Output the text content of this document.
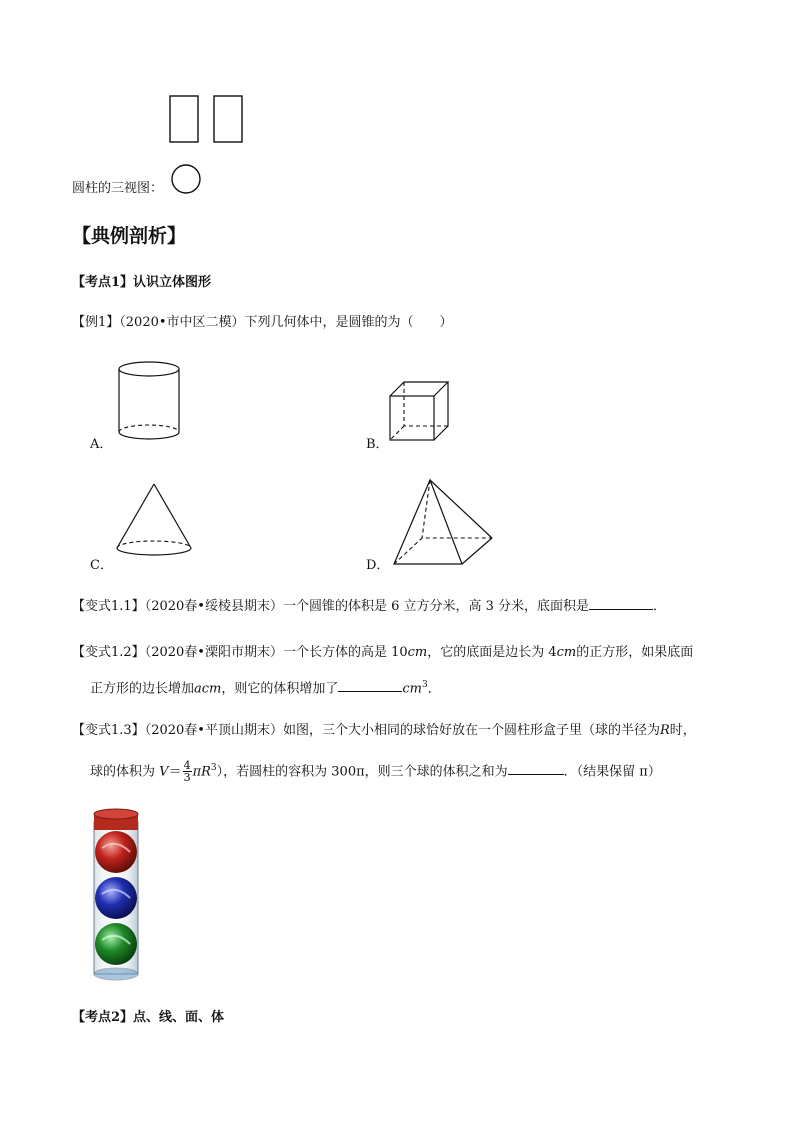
圆柱的三视图：
【典例剖析】
【考点1】认识立体图形
【例1】（2020•市中区二模）下列几何体中，是圆锥的为（　　）
A．	B．
C．	D．
【变式1.1】（2020春•绥棱县期末）一个圆锥的体积是 6 立方分米，高 3 分米，底面积是	．
【变式1.2】（2020春•溧阳市期末）一个长方体的高是 10cm，它的底面是边长为 4cm的正方形，如果底面
正方形的边长增加acm，则它的体积增加了	$cm^3$．
【变式1.3】（2020春•平顶山期末）如图，三个大小相同的球恰好放在一个圆柱形盒子里（球的半径为R时，
球的体积为 $V= \frac{4}{3} \pi R^3$），若圆柱的容积为 300π，则三个球的体积之和为	．（结果保留 π）
【考点2】点、线、面、体
